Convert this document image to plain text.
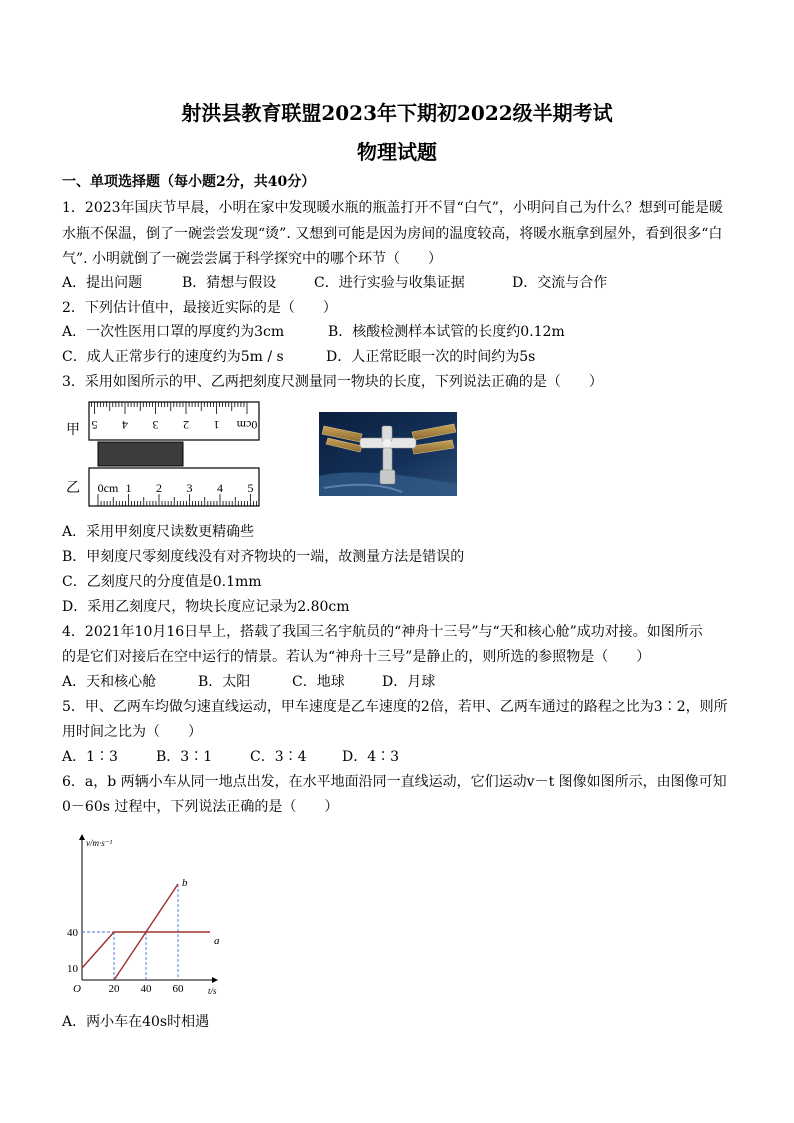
射洪县教育联盟2023年下期初2022级半期考试
物理试题
一、单项选择题（每小题2分，共40分）
1．2023年国庆节早晨，小明在家中发现暖水瓶的瓶盖打开不冒“白气”，小明问自己为什么？想到可能是暖
水瓶不保温，倒了一碗尝尝发现“烫”. 又想到可能是因为房间的温度较高，将暖水瓶拿到屋外，看到很多“白
气”. 小明就倒了一碗尝尝属于科学探究中的哪个环节（　　）
A．提出问题	B．猜想与假设	C．进行实验与收集证据	D．交流与合作
2．下列估计值中，最接近实际的是（　　）
A．一次性医用口罩的厚度约为3cm	B．核酸检测样本试管的长度约0.12m
C．成人正常步行的速度约为5m / s	D．人正常眨眼一次的时间约为5s
3．采用如图所示的甲、乙两把刻度尺测量同一物块的长度，下列说法正确的是（　　）
甲 5 4 3 2 1 0cm
乙 0cm 1 2 3 4 5
A．采用甲刻度尺读数更精确些
B．甲刻度尺零刻度线没有对齐物块的一端，故测量方法是错误的
C．乙刻度尺的分度值是0.1mm
D．采用乙刻度尺，物块长度应记录为2.80cm
4．2021年10月16日早上，搭载了我国三名宇航员的“神舟十三号”与“天和核心舱”成功对接。如图所示
的是它们对接后在空中运行的情景。若认为“神舟十三号”是静止的，则所选的参照物是（　　）
A．天和核心舱	B．太阳	C．地球	D．月球
5．甲、乙两车均做匀速直线运动，甲车速度是乙车速度的2倍，若甲、乙两车通过的路程之比为3∶2，则所
用时间之比为（　　）
A．1∶3	B．3∶1	C．3∶4	D．4∶3
6．a，b 两辆小车从同一地点出发，在水平地面沿同一直线运动，它们运动v－t 图像如图所示，由图像可知
0－60s 过程中，下列说法正确的是（　　）
a
b
v/m·s⁻¹
t/s
O	20 40 60
10
40
A．两小车在40s时相遇
